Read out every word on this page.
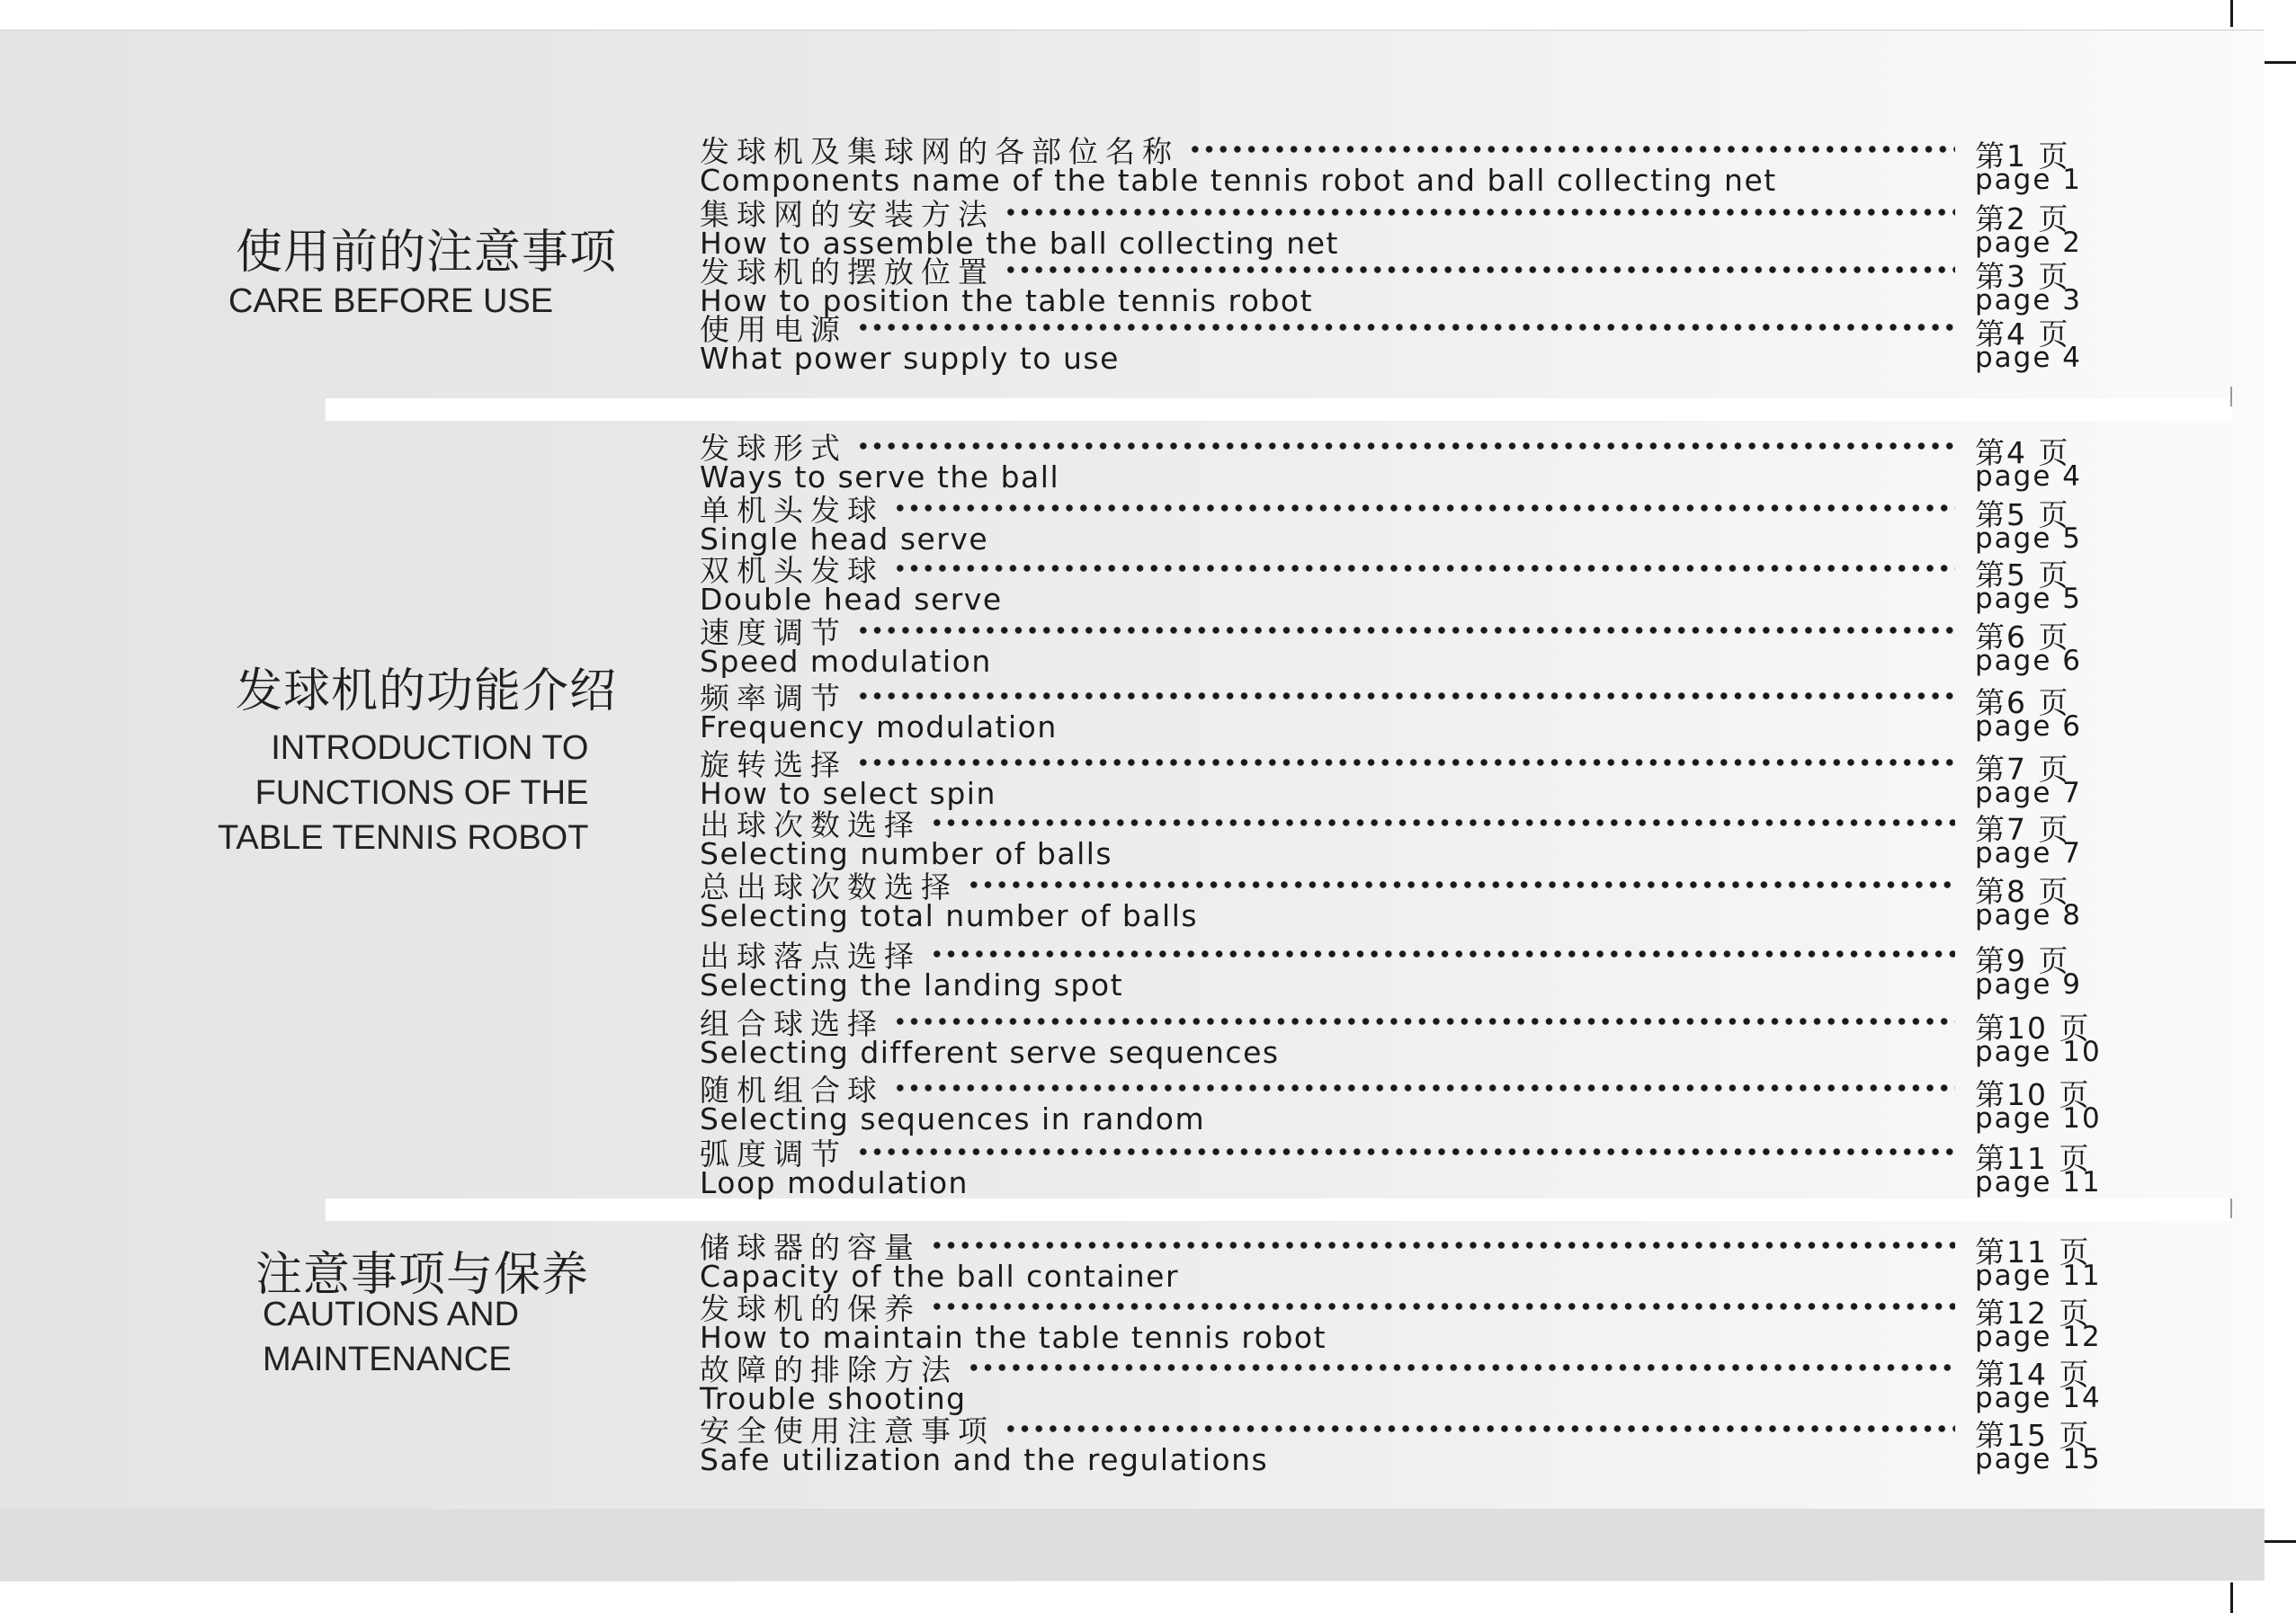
使用前的注意事项
CARE BEFORE USE
发球机的功能介绍
INTRODUCTION TO
FUNCTIONS OF THE
TABLE TENNIS ROBOT
注意事项与保养
CAUTIONS AND
MAINTENANCE
发球机及集球网的各部位名称	第1 页
Components name of the table tennis robot and ball collecting net	page 1
集球网的安装方法	第2 页
How to assemble the ball collecting net	page 2
发球机的摆放位置	第3 页
How to position the table tennis robot	page 3
使用电源	第4 页
What power supply to use	page 4
发球形式	第4 页
Ways to serve the ball	page 4
单机头发球	第5 页
Single head serve	page 5
双机头发球	第5 页
Double head serve	page 5
速度调节	第6 页
Speed modulation	page 6
频率调节	第6 页
Frequency modulation	page 6
旋转选择	第7 页
How to select spin	page 7
出球次数选择	第7 页
Selecting number of balls	page 7
总出球次数选择	第8 页
Selecting total number of balls	page 8
出球落点选择	第9 页
Selecting the landing spot	page 9
组合球选择	第10 页
Selecting different serve sequences	page 10
随机组合球	第10 页
Selecting sequences in random	page 10
弧度调节	第11 页
Loop modulation	page 11
储球器的容量	第11 页
Capacity of the ball container	page 11
发球机的保养	第12 页
How to maintain the table tennis robot	page 12
故障的排除方法	第14 页
Trouble shooting	page 14
安全使用注意事项	第15 页
Safe utilization and the regulations	page 15
